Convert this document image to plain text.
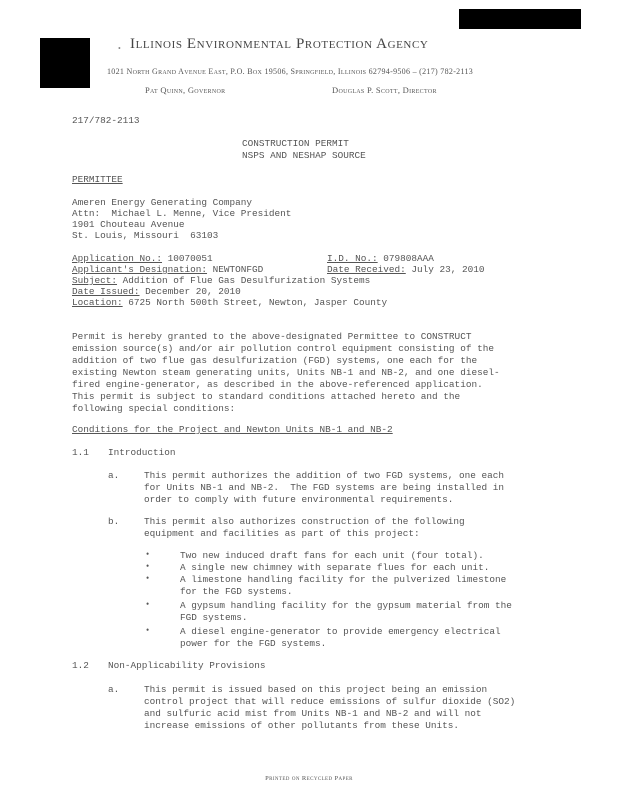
• Illinois Environmental Protection Agency
1021 North Grand Avenue East, P.O. Box 19506, Springfield, Illinois 62794-9506 – (217) 782-2113
Pat Quinn, Governor	Douglas P. Scott, Director
217/782-2113
CONSTRUCTION PERMIT
NSPS AND NESHAP SOURCE
PERMITTEE
Ameren Energy Generating Company
Attn:  Michael L. Menne, Vice President
1901 Chouteau Avenue
St. Louis, Missouri  63103
Application No.: 10070051	I.D. No.: 079808AAA
Applicant's Designation: NEWTONFGD	Date Received: July 23, 2010
Subject: Addition of Flue Gas Desulfurization Systems
Date Issued: December 20, 2010
Location: 6725 North 500th Street, Newton, Jasper County
Permit is hereby granted to the above-designated Permittee to CONSTRUCT
emission source(s) and/or air pollution control equipment consisting of the
addition of two flue gas desulfurization (FGD) systems, one each for the
existing Newton steam generating units, Units NB-1 and NB-2, and one diesel-
fired engine-generator, as described in the above-referenced application.
This permit is subject to standard conditions attached hereto and the
following special conditions:
Conditions for the Project and Newton Units NB-1 and NB-2
1.1 Introduction
a.	This permit authorizes the addition of two FGD systems, one each
for Units NB-1 and NB-2.  The FGD systems are being installed in
order to comply with future environmental requirements.
b.	This permit also authorizes construction of the following
equipment and facilities as part of this project:
•	Two new induced draft fans for each unit (four total).
•	A single new chimney with separate flues for each unit.
•	A limestone handling facility for the pulverized limestone
for the FGD systems.
•	A gypsum handling facility for the gypsum material from the
FGD systems.
•	A diesel engine-generator to provide emergency electrical
power for the FGD systems.
1.2 Non-Applicability Provisions
a.	This permit is issued based on this project being an emission
control project that will reduce emissions of sulfur dioxide (SO2)
and sulfuric acid mist from Units NB-1 and NB-2 and will not
increase emissions of other pollutants from these Units.
Printed on Recycled Paper
